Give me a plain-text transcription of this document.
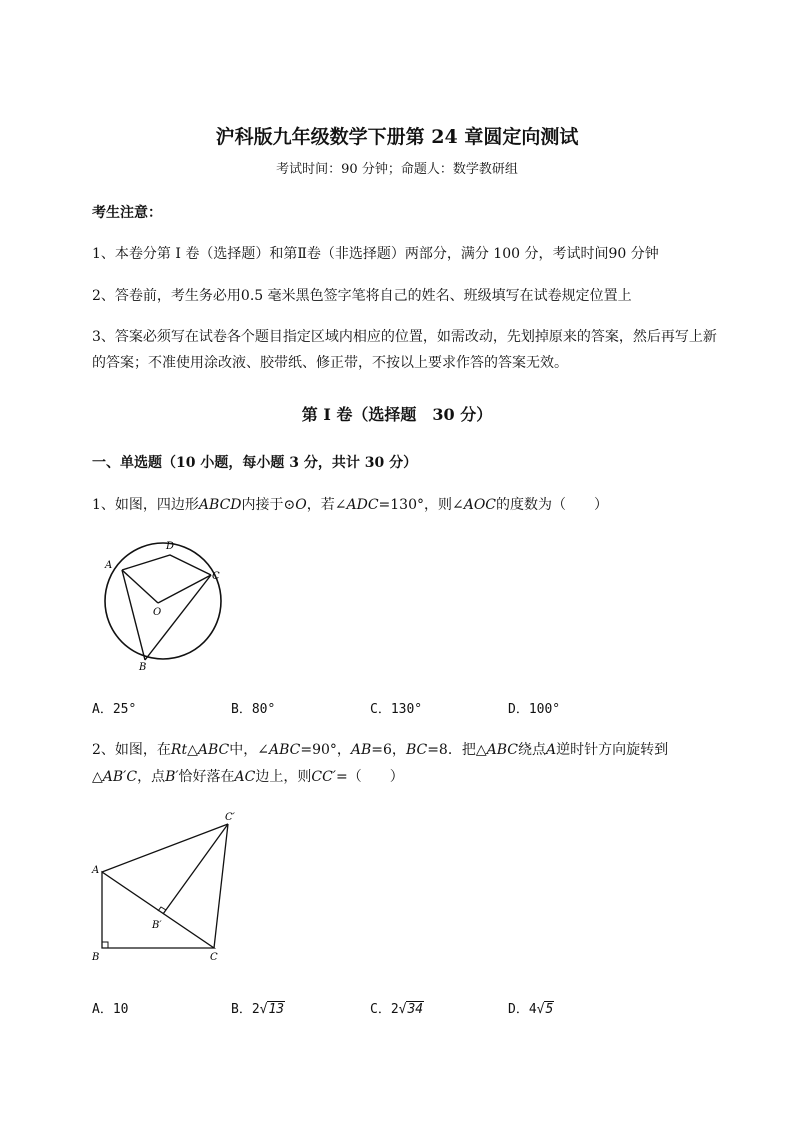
沪科版九年级数学下册第 24 章圆定向测试
考试时间：90 分钟；命题人：数学教研组
考生注意：
1、本卷分第 I 卷（选择题）和第Ⅱ卷（非选择题）两部分，满分 100 分，考试时间90 分钟
2、答卷前，考生务必用0.5 毫米黑色签字笔将自己的姓名、班级填写在试卷规定位置上
3、答案必须写在试卷各个题目指定区域内相应的位置，如需改动，先划掉原来的答案，然后再写上新
的答案；不准使用涂改液、胶带纸、修正带，不按以上要求作答的答案无效。
第 I 卷（选择题　30 分）
一、单选题（10 小题，每小题 3 分，共计 30 分）
1、如图，四边形ABCD内接于⊙O，若∠ADC=130°，则∠AOC的度数为（　　）
A
D
C
O
B
A．25°	B．80°	C．130°	D．100°
2、如图，在Rt△ABC中，∠ABC=90°，AB=6，BC=8．把△ABC绕点A逆时针方向旋转到
△AB′C，点B′恰好落在AC边上，则CC′=（　　）
C′
A
B′
B	C
A．10	B．2√13	C．2√34	D．4√5
